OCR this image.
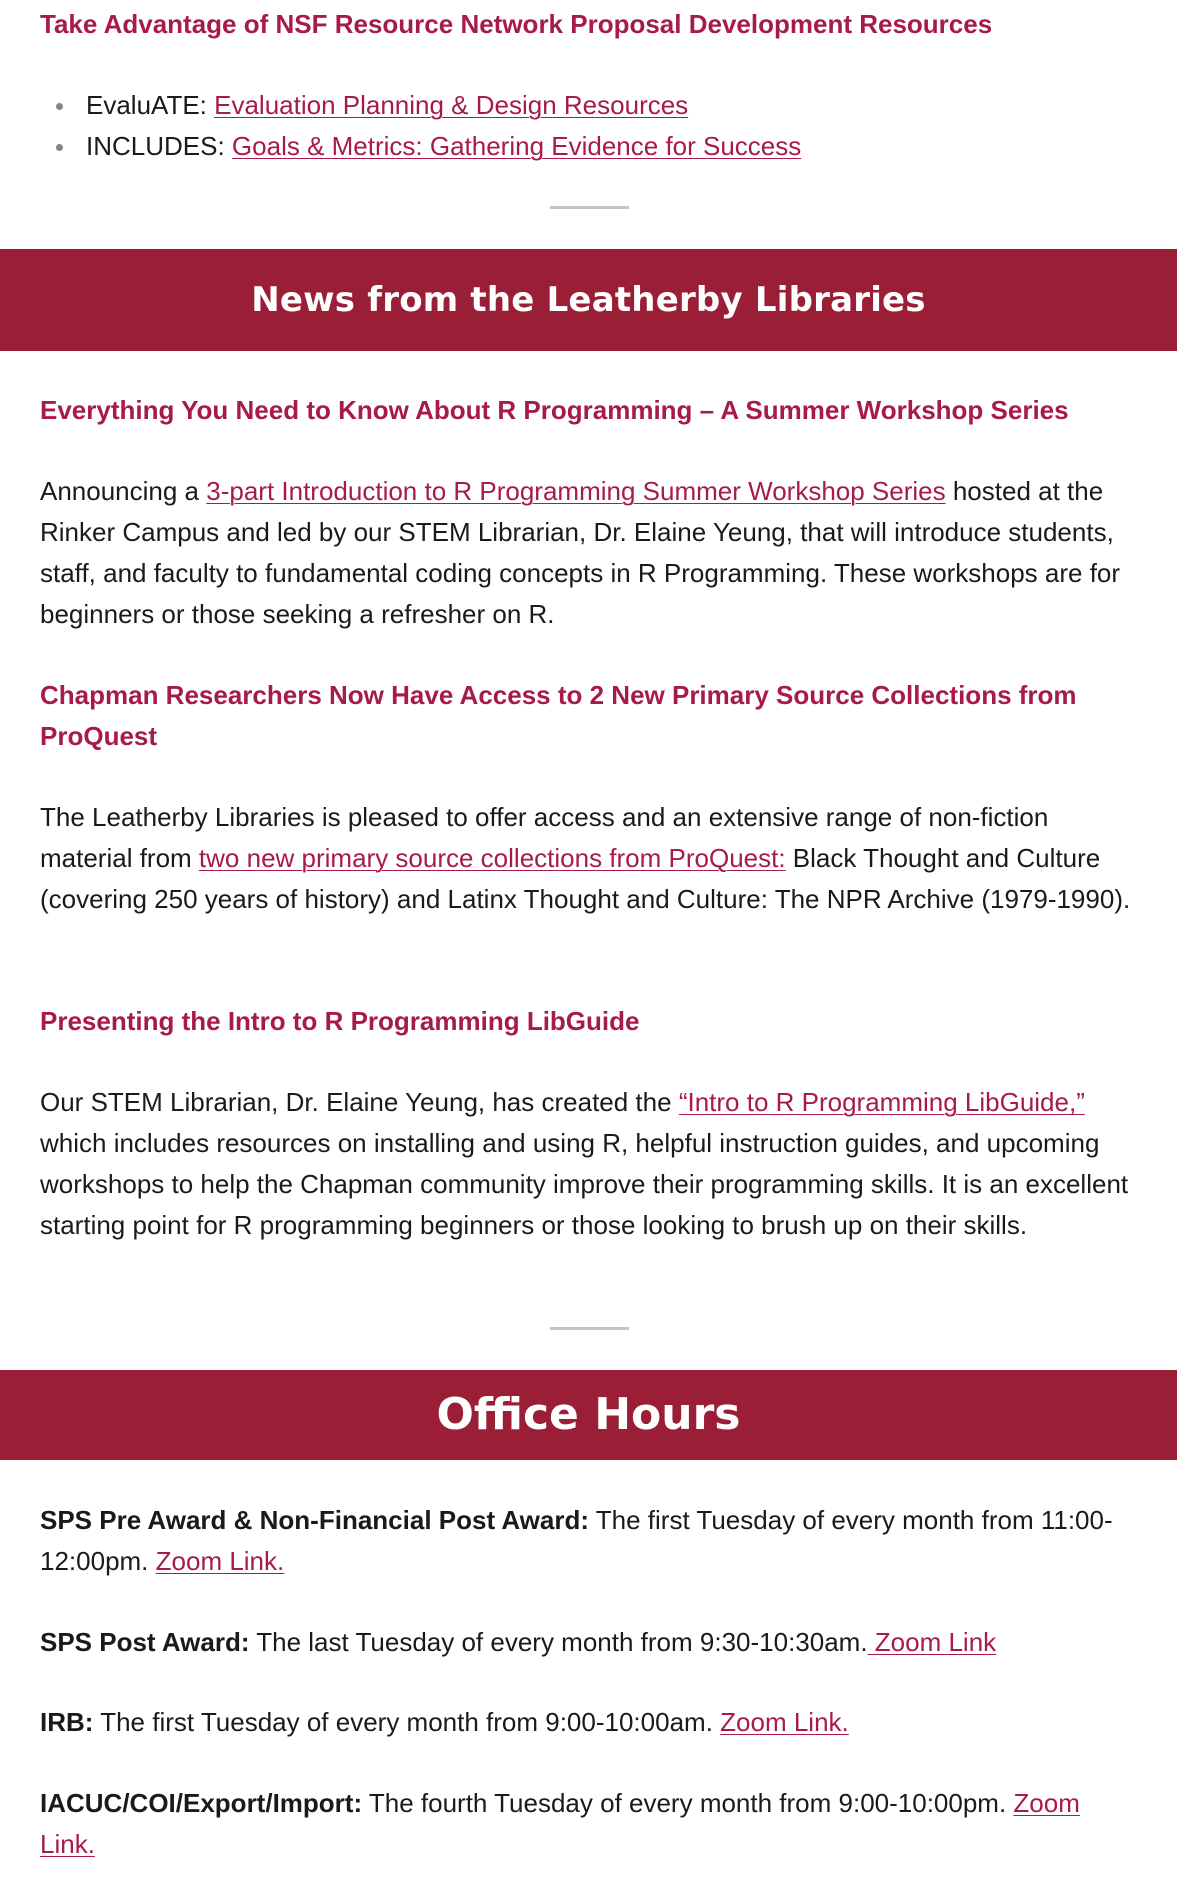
Take Advantage of NSF Resource Network Proposal Development Resources
EvaluATE: Evaluation Planning & Design Resources
INCLUDES: Goals & Metrics: Gathering Evidence for Success
News from the Leatherby Libraries
Everything You Need to Know About R Programming – A Summer Workshop Series

Announcing a 3-part Introduction to R Programming Summer Workshop Series hosted at the Rinker Campus and led by our STEM Librarian, Dr. Elaine Yeung, that will introduce students, staff, and faculty to fundamental coding concepts in R Programming. These workshops are for beginners or those seeking a refresher on R.

Chapman Researchers Now Have Access to 2 New Primary Source Collections from ProQuest

The Leatherby Libraries is pleased to offer access and an extensive range of non-fiction material from two new primary source collections from ProQuest: Black Thought and Culture (covering 250 years of history) and Latinx Thought and Culture: The NPR Archive (1979-1990).

Presenting the Intro to R Programming LibGuide

Our STEM Librarian, Dr. Elaine Yeung, has created the “Intro to R Programming LibGuide,” which includes resources on installing and using R, helpful instruction guides, and upcoming workshops to help the Chapman community improve their programming skills. It is an excellent starting point for R programming beginners or those looking to brush up on their skills.

Office Hours

SPS Pre Award & Non-Financial Post Award: The first Tuesday of every month from 11:00-12:00pm. Zoom Link.

SPS Post Award: The last Tuesday of every month from 9:30-10:30am. Zoom Link

IRB: The first Tuesday of every month from 9:00-10:00am. Zoom Link.

IACUC/COI/Export/Import: The fourth Tuesday of every month from 9:00-10:00pm. Zoom Link.
